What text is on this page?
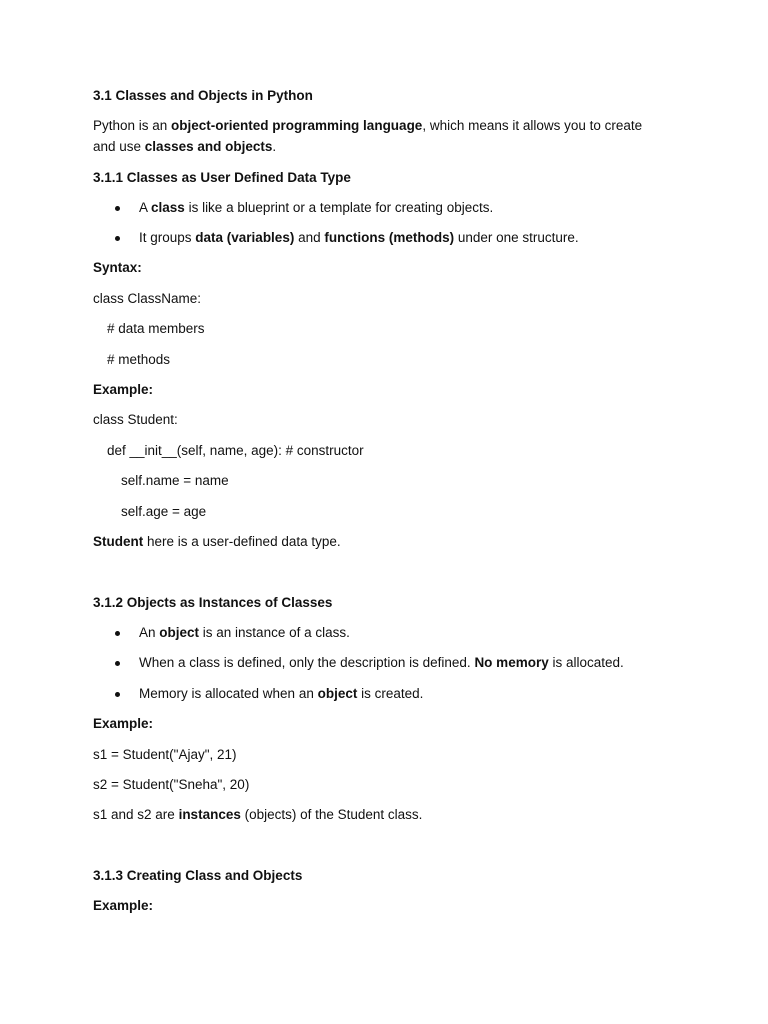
3.1 Classes and Objects in Python
Python is an object-oriented programming language, which means it allows you to create
and use classes and objects.
3.1.1 Classes as User Defined Data Type
A class is like a blueprint or a template for creating objects.
It groups data (variables) and functions (methods) under one structure.
Syntax:
class ClassName:
# data members
# methods
Example:
class Student:
def __init__(self, name, age): # constructor
self.name = name
self.age = age
Student here is a user-defined data type.
3.1.2 Objects as Instances of Classes
An object is an instance of a class.
When a class is defined, only the description is defined. No memory is allocated.
Memory is allocated when an object is created.
Example:
s1 = Student("Ajay", 21)
s2 = Student("Sneha", 20)
s1 and s2 are instances (objects) of the Student class.
3.1.3 Creating Class and Objects
Example:
